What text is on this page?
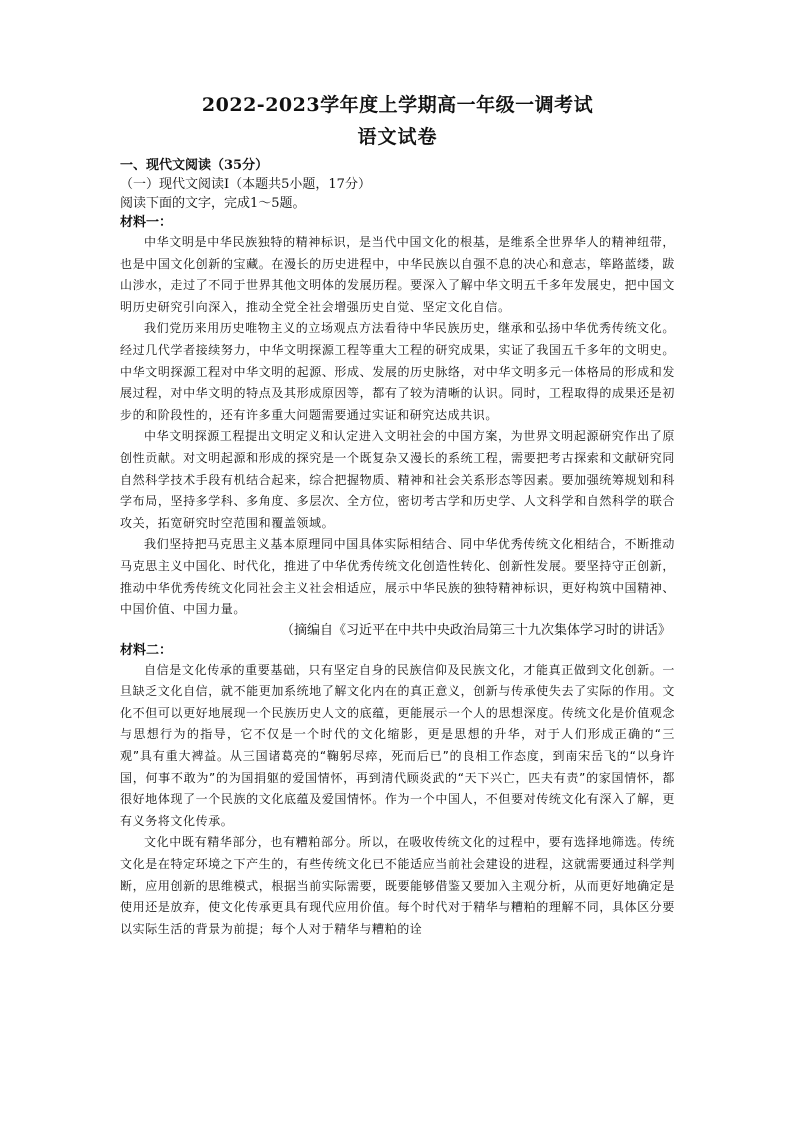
2022-2023学年度上学期高一年级一调考试
语文试卷

一、现代文阅读（35分）

（一）现代文阅读Ⅰ（本题共5小题，17分）

阅读下面的文字，完成1～5题。

材料一：

中华文明是中华民族独特的精神标识，是当代中国文化的根基，是维系全世界华人的精神纽带，也是中国文化创新的宝藏。在漫长的历史进程中，中华民族以自强不息的决心和意志，筚路蓝缕，跋山涉水，走过了不同于世界其他文明体的发展历程。要深入了解中华文明五千多年发展史，把中国文明历史研究引向深入，推动全党全社会增强历史自觉、坚定文化自信。

我们党历来用历史唯物主义的立场观点方法看待中华民族历史，继承和弘扬中华优秀传统文化。经过几代学者接续努力，中华文明探源工程等重大工程的研究成果，实证了我国五千多年的文明史。中华文明探源工程对中华文明的起源、形成、发展的历史脉络，对中华文明多元一体格局的形成和发展过程，对中华文明的特点及其形成原因等，都有了较为清晰的认识。同时，工程取得的成果还是初步的和阶段性的，还有许多重大问题需要通过实证和研究达成共识。

中华文明探源工程提出文明定义和认定进入文明社会的中国方案，为世界文明起源研究作出了原创性贡献。对文明起源和形成的探究是一个既复杂又漫长的系统工程，需要把考古探索和文献研究同自然科学技术手段有机结合起来，综合把握物质、精神和社会关系形态等因素。要加强统筹规划和科学布局，坚持多学科、多角度、多层次、全方位，密切考古学和历史学、人文科学和自然科学的联合攻关，拓宽研究时空范围和覆盖领域。

我们坚持把马克思主义基本原理同中国具体实际相结合、同中华优秀传统文化相结合，不断推动马克思主义中国化、时代化，推进了中华优秀传统文化创造性转化、创新性发展。要坚持守正创新，推动中华优秀传统文化同社会主义社会相适应，展示中华民族的独特精神标识，更好构筑中国精神、中国价值、中国力量。

（摘编自《习近平在中共中央政治局第三十九次集体学习时的讲话》

材料二：

自信是文化传承的重要基础，只有坚定自身的民族信仰及民族文化，才能真正做到文化创新。一旦缺乏文化自信，就不能更加系统地了解文化内在的真正意义，创新与传承使失去了实际的作用。文化不但可以更好地展现一个民族历史人文的底蕴，更能展示一个人的思想深度。传统文化是价值观念与思想行为的指导，它不仅是一个时代的文化缩影，更是思想的升华，对于人们形成正确的“三观”具有重大裨益。从三国诸葛亮的“鞠躬尽瘁，死而后已”的良相工作态度，到南宋岳飞的“以身许国，何事不敢为”的为国捐躯的爱国情怀，再到清代顾炎武的“天下兴亡，匹夫有责”的家国情怀，都很好地体现了一个民族的文化底蕴及爱国情怀。作为一个中国人，不但要对传统文化有深入了解，更有义务将文化传承。

文化中既有精华部分，也有糟粕部分。所以，在吸收传统文化的过程中，要有选择地筛选。传统文化是在特定环境之下产生的，有些传统文化已不能适应当前社会建设的进程，这就需要通过科学判断，应用创新的思维模式，根据当前实际需要，既要能够借鉴又要加入主观分析，从而更好地确定是使用还是放弃，使文化传承更具有现代应用价值。每个时代对于精华与糟粕的理解不同，具体区分要以实际生活的背景为前提；每个人对于精华与糟粕的诠
